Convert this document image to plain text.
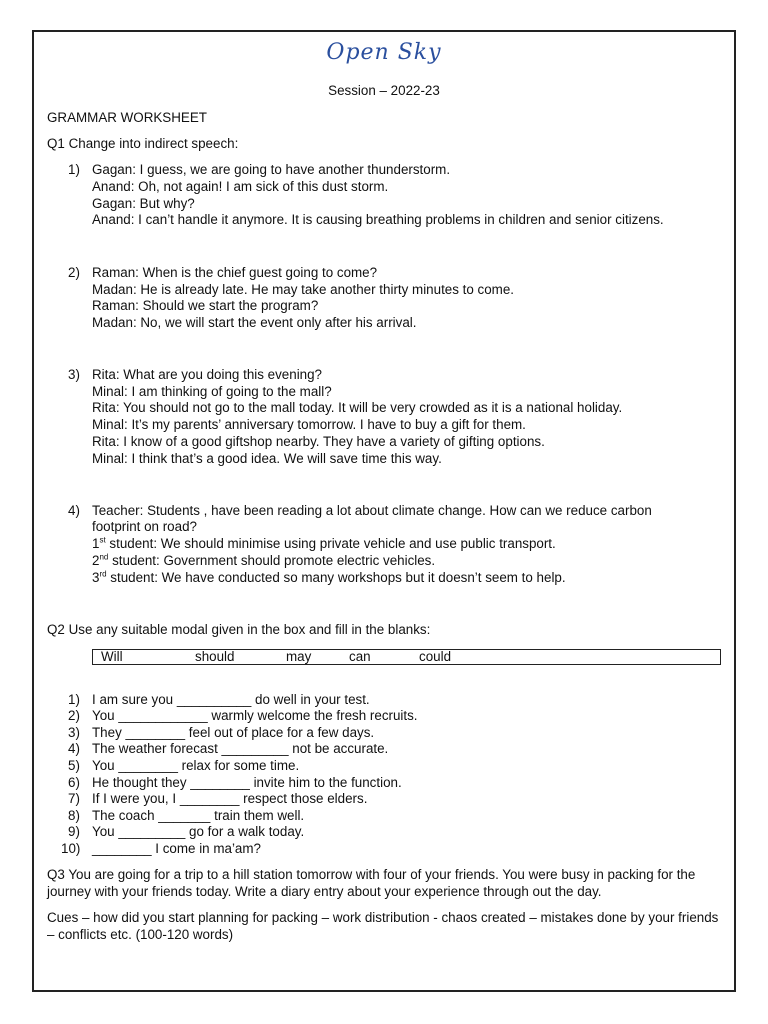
Open Sky
Session – 2022-23
GRAMMAR WORKSHEET
Q1 Change into indirect speech:
1) Gagan: I guess, we are going to have another thunderstorm.
Anand: Oh, not again! I am sick of this dust storm.
Gagan: But why?
Anand: I can’t handle it anymore. It is causing breathing problems in children and senior citizens.
2) Raman: When is the chief guest going to come?
Madan: He is already late. He may take another thirty minutes to come.
Raman: Should we start the program?
Madan: No, we will start the event only after his arrival.
3) Rita: What are you doing this evening?
Minal: I am thinking of going to the mall?
Rita: You should not go to the mall today. It will be very crowded as it is a national holiday.
Minal: It’s my parents’ anniversary tomorrow. I have to buy a gift for them.
Rita: I know of a good giftshop nearby. They have a variety of gifting options.
Minal: I think that’s a good idea. We will save time this way.
4) Teacher: Students , have been reading a lot about climate change. How can we reduce carbon
footprint on road?
1st student: We should minimise using private vehicle and use public transport.
2nd student: Government should promote electric vehicles.
3rd student: We have conducted so many workshops but it doesn’t seem to help.
Q2 Use any suitable modal given in the box and fill in the blanks:
Will	should	may	can	could
1) I am sure you __________ do well in your test.
2) You ____________ warmly welcome the fresh recruits.
3) They ________ feel out of place for a few days.
4) The weather forecast _________ not be accurate.
5) You ________ relax for some time.
6) He thought they ________ invite him to the function.
7) If I were you, I ________ respect those elders.
8) The coach _______ train them well.
9) You _________ go for a walk today.
10) ________ I come in ma’am?
Q3 You are going for a trip to a hill station tomorrow with four of your friends. You were busy in packing for the journey with your friends today. Write a diary entry about your experience through out the day.
Cues – how did you start planning for packing – work distribution - chaos created – mistakes done by your friends – conflicts etc. (100-120 words)
